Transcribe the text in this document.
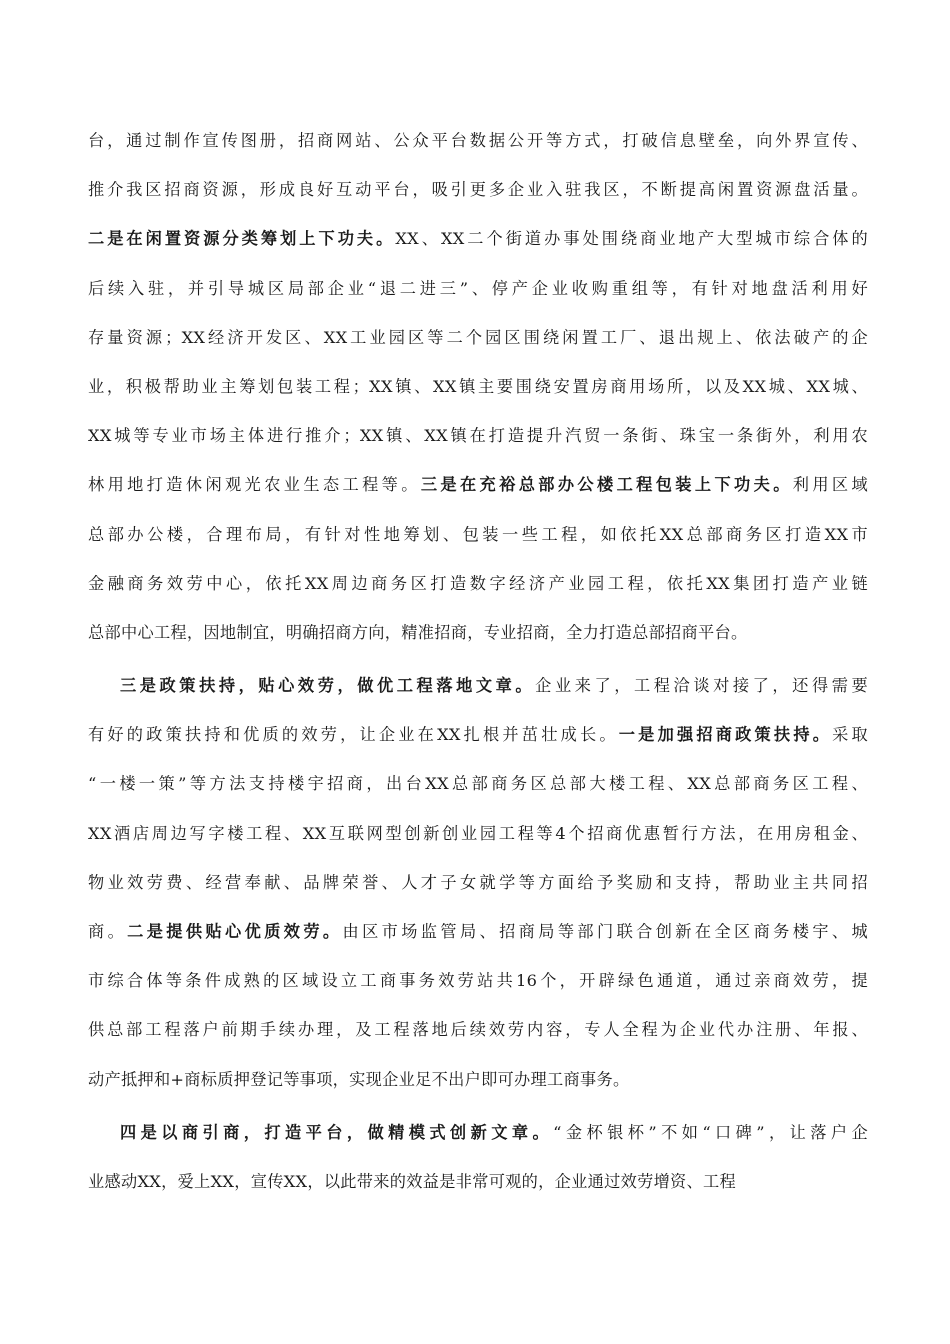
台，通过制作宣传图册，招商网站、公众平台数据公开等方式，打破信息壁垒，向外界宣传、
推介我区招商资源，形成良好互动平台，吸引更多企业入驻我区，不断提高闲置资源盘活量。
二是在闲置资源分类筹划上下功夫。XX、XX二个街道办事处围绕商业地产大型城市综合体的
后续入驻，并引导城区局部企业“退二进三”、停产企业收购重组等，有针对地盘活利用好
存量资源；XX经济开发区、XX工业园区等二个园区围绕闲置工厂、退出规上、依法破产的企
业，积极帮助业主筹划包装工程；XX镇、XX镇主要围绕安置房商用场所，以及XX城、XX城、
XX城等专业市场主体进行推介；XX镇、XX镇在打造提升汽贸一条街、珠宝一条街外，利用农
林用地打造休闲观光农业生态工程等。三是在充裕总部办公楼工程包装上下功夫。利用区域
总部办公楼，合理布局，有针对性地筹划、包装一些工程，如依托XX总部商务区打造XX市
金融商务效劳中心，依托XX周边商务区打造数字经济产业园工程，依托XX集团打造产业链
总部中心工程，因地制宜，明确招商方向，精准招商，专业招商，全力打造总部招商平台。
三是政策扶持，贴心效劳，做优工程落地文章。企业来了，工程洽谈对接了，还得需要
有好的政策扶持和优质的效劳，让企业在XX扎根并茁壮成长。一是加强招商政策扶持。采取
“一楼一策”等方法支持楼宇招商，出台XX总部商务区总部大楼工程、XX总部商务区工程、
XX酒店周边写字楼工程、XX互联网型创新创业园工程等4个招商优惠暂行方法，在用房租金、
物业效劳费、经营奉献、品牌荣誉、人才子女就学等方面给予奖励和支持，帮助业主共同招
商。二是提供贴心优质效劳。由区市场监管局、招商局等部门联合创新在全区商务楼宇、城
市综合体等条件成熟的区域设立工商事务效劳站共16个，开辟绿色通道，通过亲商效劳，提
供总部工程落户前期手续办理，及工程落地后续效劳内容，专人全程为企业代办注册、年报、
动产抵押和+商标质押登记等事项，实现企业足不出户即可办理工商事务。
四是以商引商，打造平台，做精模式创新文章。“金杯银杯”不如“口碑”，让落户企
业感动XX，爱上XX，宣传XX，以此带来的效益是非常可观的，企业通过效劳增资、工程
